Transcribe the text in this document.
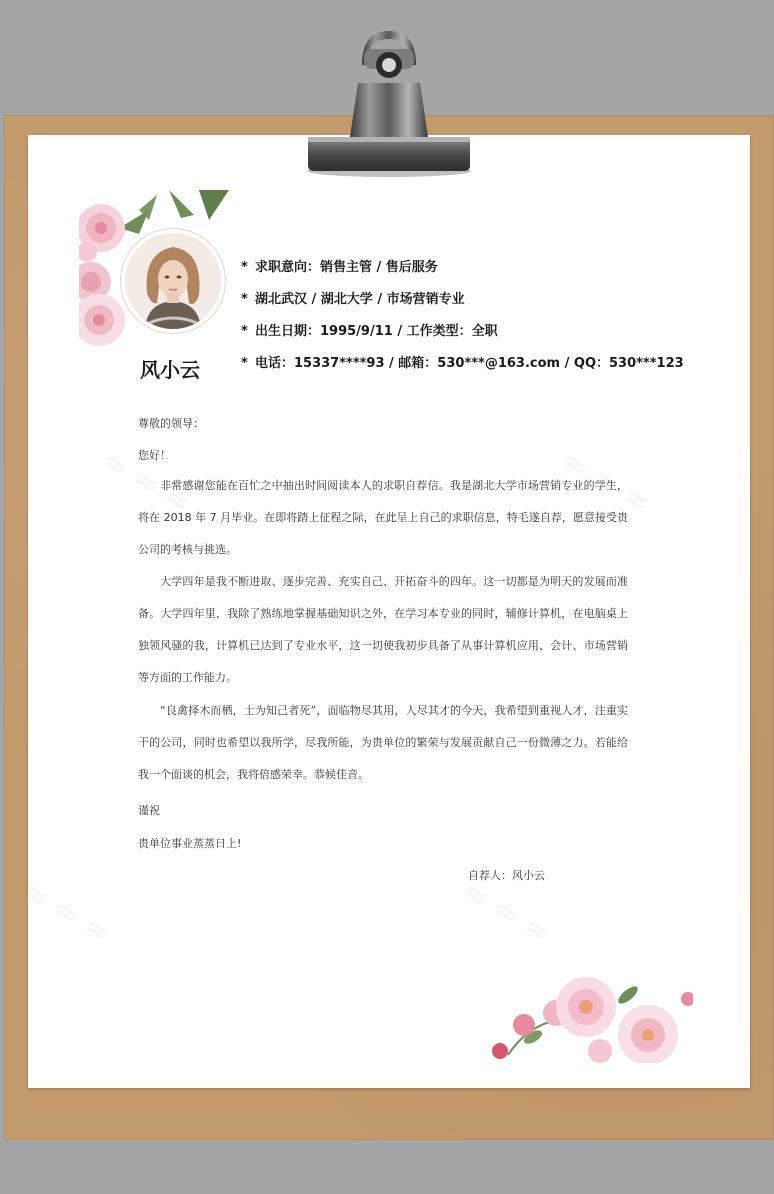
风小云
* 求职意向：销售主管 / 售后服务
* 湖北武汉 / 湖北大学 / 市场营销专业
* 出生日期：1995/9/11 / 工作类型：全职
* 电话：15337****93 / 邮箱：530***@163.com / QQ：530***123
尊敬的领导：
您好！
非常感谢您能在百忙之中抽出时间阅读本人的求职自荐信。我是湖北大学市场营销专业的学生，将在 2018 年 7 月毕业。在即将踏上征程之际，在此呈上自己的求职信息，特毛遂自荐，愿意接受贵公司的考核与挑选。
大学四年是我不断进取、逐步完善、充实自己、开拓奋斗的四年。这一切都是为明天的发展而准备。大学四年里，我除了熟练地掌握基础知识之外，在学习本专业的同时，辅修计算机，在电脑桌上独领风骚的我，计算机已达到了专业水平，这一切使我初步具备了从事计算机应用、会计、市场营销等方面的工作能力。
“良禽择木而栖，士为知己者死”，面临物尽其用，人尽其才的今天，我希望到重视人才，注重实干的公司，同时也希望以我所学，尽我所能，为贵单位的繁荣与发展贡献自己一份微薄之力。若能给我一个面谈的机会，我将倍感荣幸。恭候佳音。
谨祝
贵单位事业蒸蒸日上!
自荐人：风小云
